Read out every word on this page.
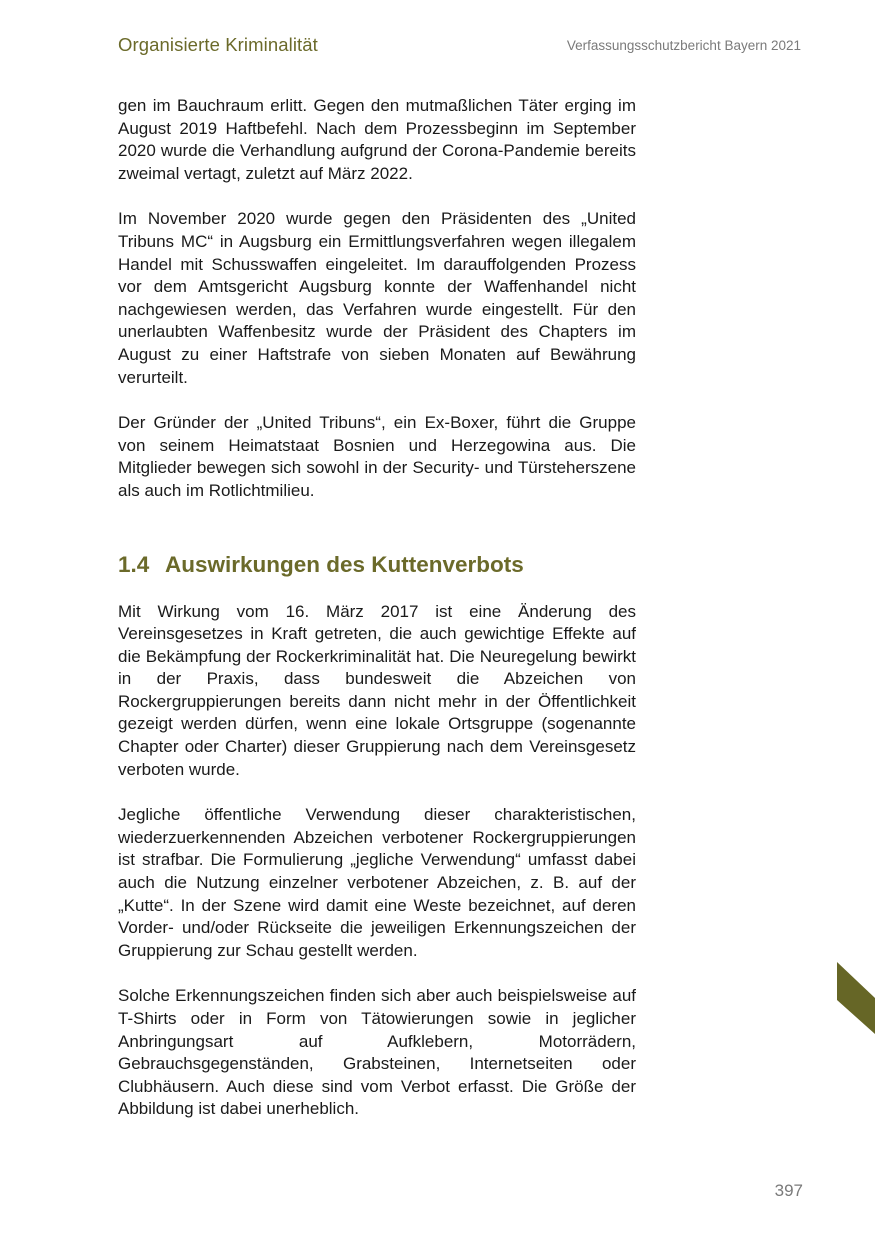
Organisierte Kriminalität	Verfassungsschutzbericht Bayern 2021

gen im Bauchraum erlitt. Gegen den mutmaßlichen Täter erging im August 2019 Haftbefehl. Nach dem Prozessbeginn im September 2020 wurde die Verhandlung aufgrund der Corona-Pandemie bereits zweimal vertagt, zuletzt auf März 2022.

Im November 2020 wurde gegen den Präsidenten des „United Tribuns MC“ in Augsburg ein Ermittlungsverfahren wegen illegalem Handel mit Schusswaffen eingeleitet. Im darauffolgenden Prozess vor dem Amtsgericht Augsburg konnte der Waffenhandel nicht nachgewiesen werden, das Verfahren wurde eingestellt. Für den unerlaubten Waffenbesitz wurde der Präsident des Chapters im August zu einer Haftstrafe von sieben Monaten auf Bewährung verurteilt.

Der Gründer der „United Tribuns“, ein Ex-Boxer, führt die Gruppe von seinem Heimatstaat Bosnien und Herzegowina aus. Die Mitglieder bewegen sich sowohl in der Security- und Türsteherszene als auch im Rotlichtmilieu.

1.4 Auswirkungen des Kuttenverbots

Mit Wirkung vom 16. März 2017 ist eine Änderung des Vereinsgesetzes in Kraft getreten, die auch gewichtige Effekte auf die Bekämpfung der Rockerkriminalität hat. Die Neuregelung bewirkt in der Praxis, dass bundesweit die Abzeichen von Rockergruppierungen bereits dann nicht mehr in der Öffentlichkeit gezeigt werden dürfen, wenn eine lokale Ortsgruppe (sogenannte Chapter oder Charter) dieser Gruppierung nach dem Vereinsgesetz verboten wurde.

Jegliche öffentliche Verwendung dieser charakteristischen, wiederzuerkennenden Abzeichen verbotener Rockergruppierungen ist strafbar. Die Formulierung „jegliche Verwendung“ umfasst dabei auch die Nutzung einzelner verbotener Abzeichen, z. B. auf der „Kutte“. In der Szene wird damit eine Weste bezeichnet, auf deren Vorder- und/oder Rückseite die jeweiligen Erkennungszeichen der Gruppierung zur Schau gestellt werden.

Solche Erkennungszeichen finden sich aber auch beispielsweise auf T-Shirts oder in Form von Tätowierungen sowie in jeglicher Anbringungsart auf Aufklebern, Motorrädern, Gebrauchsgegenständen, Grabsteinen, Internetseiten oder Clubhäusern. Auch diese sind vom Verbot erfasst. Die Größe der Abbildung ist dabei unerheblich.

397
